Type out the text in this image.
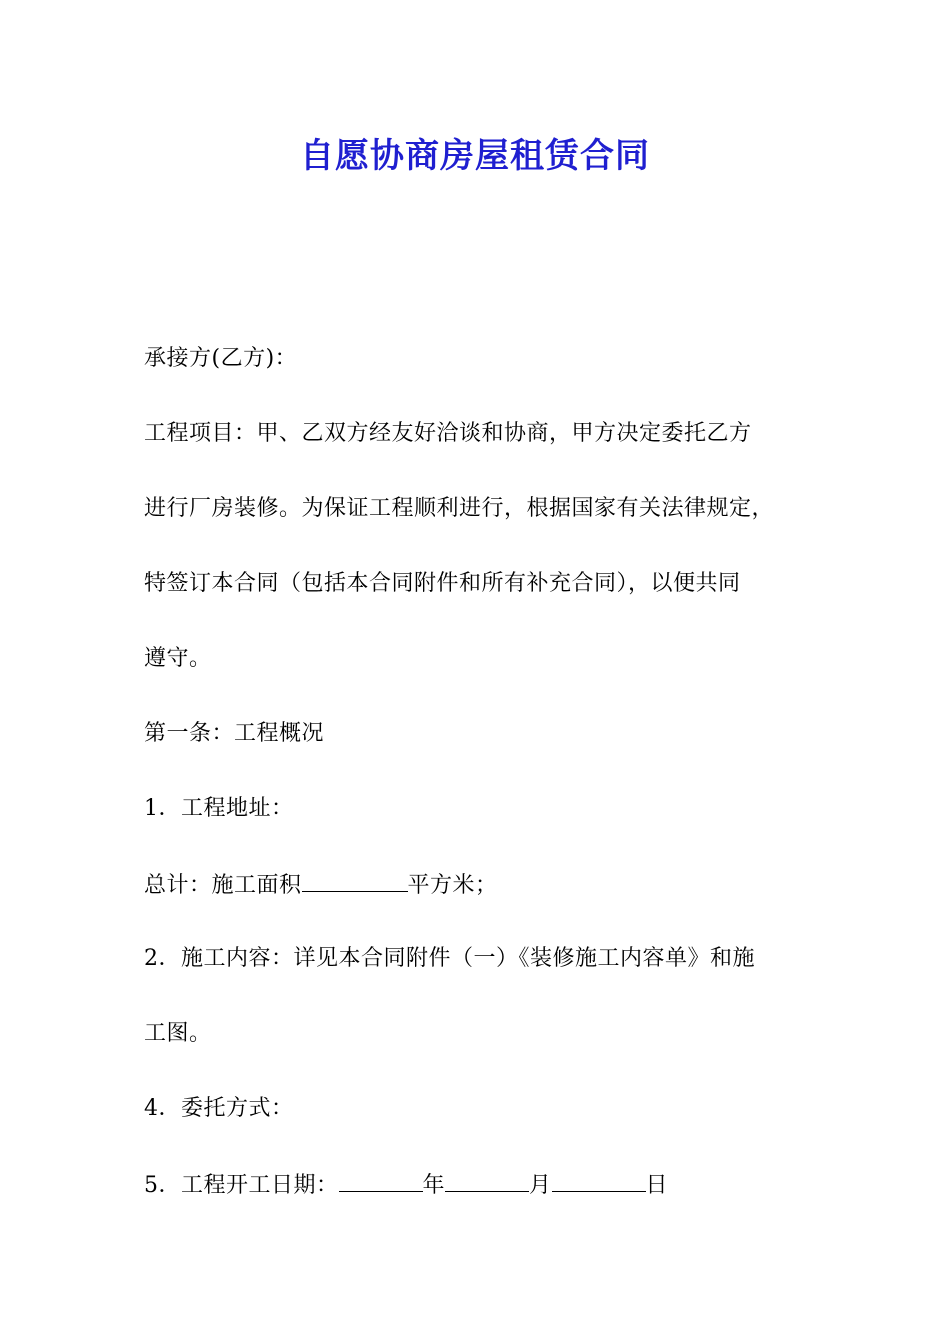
自愿协商房屋租赁合同
承接方(乙方)：
工程项目：甲、乙双方经友好洽谈和协商，甲方决定委托乙方
进行厂房装修。为保证工程顺利进行，根据国家有关法律规定，
特签订本合同（包括本合同附件和所有补充合同），以便共同
遵守。
第一条：工程概况
1．工程地址：
总计：施工面积	平方米；
2．施工内容：详见本合同附件（一）《装修施工内容单》和施
工图。
4．委托方式：
5．工程开工日期：	年	月	日
